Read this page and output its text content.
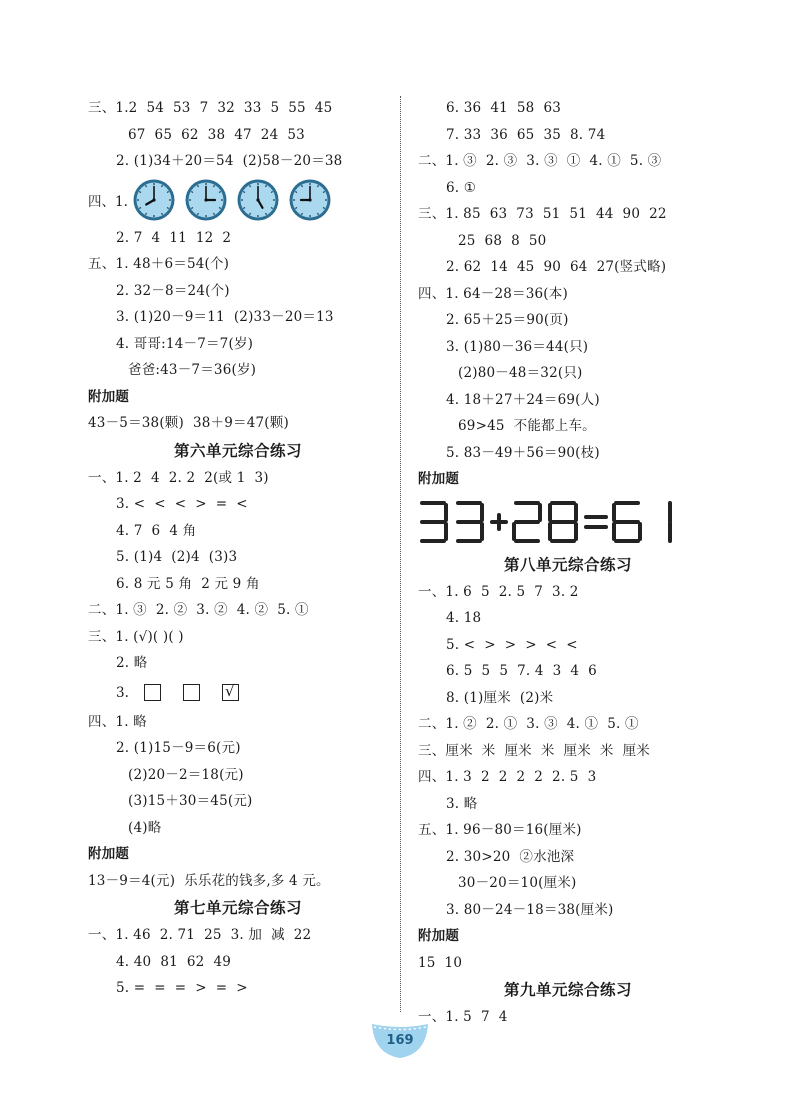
三、1.2  54  53  7  32  33  5  55  45
67  65  62  38  47  24  53
2. (1)34＋20＝54  (2)58－20＝38
四、1.
2. 7  4  11  12  2
五、1. 48＋6＝54(个)
2. 32－8＝24(个)
3. (1)20－9＝11  (2)33－20＝13
4. 哥哥:14－7＝7(岁)
爸爸:43－7＝36(岁)
附加题
43－5＝38(颗)  38＋9＝47(颗)
第六单元综合练习
一、1. 2  4  2. 2  2(或 1  3)
3. <  <  <  >  =  <
4. 7  6  4 角
5. (1)4  (2)4  (3)3
6. 8 元 5 角  2 元 9 角
二、1. ③  2. ②  3. ②  4. ②  5. ①
三、1. (√)( )( )
2. 略
3.
√
四、1. 略
2. (1)15－9＝6(元)
(2)20－2＝18(元)
(3)15＋30＝45(元)
(4)略
附加题
13－9＝4(元)  乐乐花的钱多,多 4 元。
第七单元综合练习
一、1. 46  2. 71  25  3. 加  减  22
4. 40  81  62  49
5. =  =  =  >  =  >
6. 36  41  58  63
7. 33  36  65  35  8. 74
二、1. ③  2. ③  3. ③  ①  4. ①  5. ③
6. ①
三、1. 85  63  73  51  51  44  90  22
25  68  8  50
2. 62  14  45  90  64  27(竖式略)
四、1. 64－28＝36(本)
2. 65＋25＝90(页)
3. (1)80－36＝44(只)
(2)80－48＝32(只)
4. 18＋27＋24＝69(人)
69>45  不能都上车。
5. 83－49＋56＝90(枝)
附加题
第八单元综合练习
一、1. 6  5  2. 5  7  3. 2
4. 18
5. <  >  >  >  <  <
6. 5  5  5  7. 4  3  4  6
8. (1)厘米  (2)米
二、1. ②  2. ①  3. ③  4. ①  5. ①
三、厘米  米  厘米  米  厘米  米  厘米
四、1. 3  2  2  2  2  2. 5  3
3. 略
五、1. 96－80＝16(厘米)
2. 30>20  ②水池深
30－20＝10(厘米)
3. 80－24－18＝38(厘米)
附加题
15  10
第九单元综合练习
一、1. 5  7  4
169
